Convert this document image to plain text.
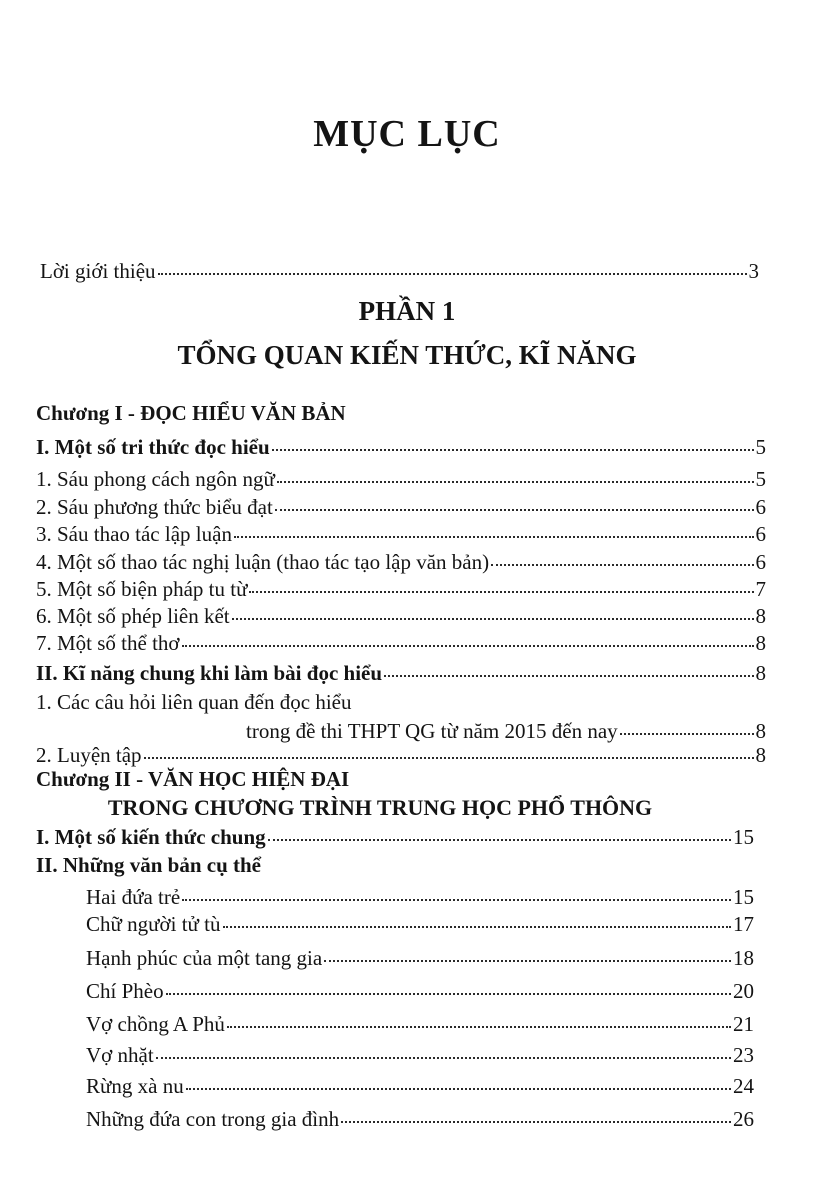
MỤC LỤC
Lời giới thiệu	3
PHẦN 1
TỔNG QUAN KIẾN THỨC, KĨ NĂNG
Chương I - ĐỌC HIỂU VĂN BẢN
I. Một số tri thức đọc hiểu	5
1. Sáu phong cách ngôn ngữ	5
2. Sáu phương thức biểu đạt	6
3. Sáu thao tác lập luận	6
4. Một số thao tác nghị luận (thao tác tạo lập văn bản)	6
5. Một số biện pháp tu từ	7
6. Một số phép liên kết	8
7. Một số thể thơ	8
II. Kĩ năng chung khi làm bài đọc hiểu	8
1. Các câu hỏi liên quan đến đọc hiểu
trong đề thi THPT QG từ năm 2015 đến nay	8
2. Luyện tập	8
Chương II - VĂN HỌC HIỆN ĐẠI
TRONG CHƯƠNG TRÌNH TRUNG HỌC PHỔ THÔNG
I. Một số kiến thức chung	15
II. Những văn bản cụ thể
Hai đứa trẻ	15
Chữ người tử tù	17
Hạnh phúc của một tang gia	18
Chí Phèo	20
Vợ chồng A Phủ	21
Vợ nhặt	23
Rừng xà nu	24
Những đứa con trong gia đình	26
